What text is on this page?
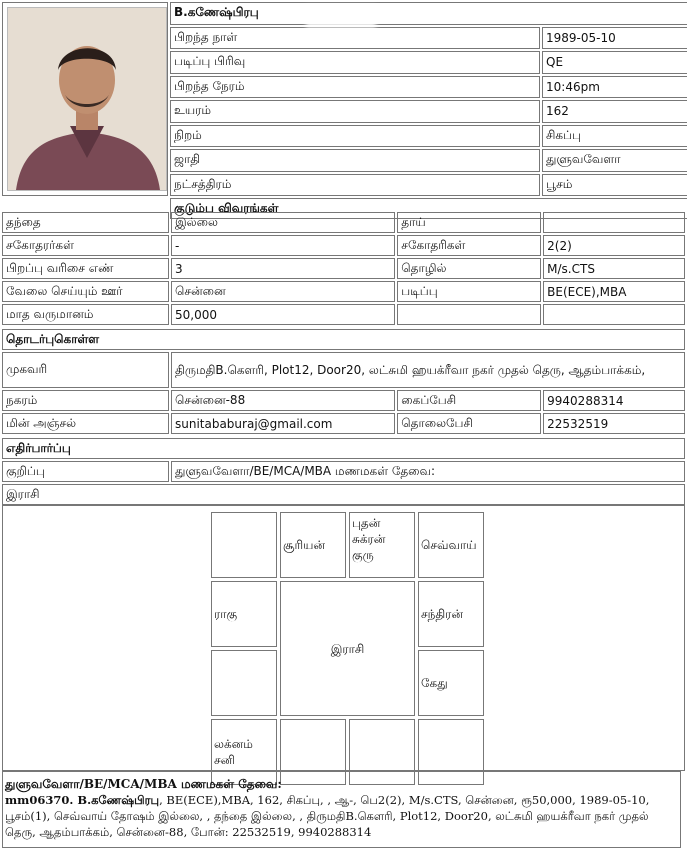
	B.கணேஷ்பிரபு	
	பிறந்த நாள்	1989-05-10
	படிப்பு பிரிவு	QE
	பிறந்த நேரம்	10:46pm
	உயரம்	162
	நிறம்	சிகப்பு
	ஜாதி	துளுவவேளா
	நட்சத்திரம்	பூசம்
	குடும்ப விவரங்கள்	
தந்தை	இல்லை	தாய்	
சகோதரர்கள்	-	சகோதரிகள்	2(2)
பிறப்பு வரிசை எண்	3	தொழில்	M/s.CTS
வேலை செய்யும் ஊர்	சென்னை	படிப்பு	BE(ECE),MBA
மாத வருமானம்	50,000		
தொடர்புகொள்ள			
முகவரி	திருமதிB.கௌரி, Plot12, Door20, லட்சுமி ஹயக்ரீவா நகர் முதல் தெரு, ஆதம்பாக்கம்,		
நகரம்	சென்னை-88	கைப்பேசி	9940288314
மின் அஞ்சல்	sunitababuraj@gmail.com	தொலைபேசி	22532519
எதிர்பார்ப்பு
குறிப்பு	துளுவவேளா/BE/MCA/MBA மணமகள் தேவை:
இராசி
	சூரியன்	புதன்
சுக்ரன்
குரு	செவ்வாய்
ராகு	இராசி		சந்திரன்
			கேது

லக்னம்
சனி			

துளுவவேளா/BE/MCA/MBA மணமகள் தேவை:
mm06370. B.கணேஷ்பிரபு, BE(ECE),MBA, 162, சிகப்பு, , ஆ-, பெ2(2), M/s.CTS, சென்னை, ரூ50,000, 1989-05-10, பூசம்(1), செவ்வாய் தோஷம் இல்லை, , தந்தை இல்லை, , திருமதிB.கௌரி, Plot12, Door20, லட்சுமி ஹயக்ரீவா நகர் முதல் தெரு, ஆதம்பாக்கம், சென்னை-88, போன்: 22532519, 9940288314
